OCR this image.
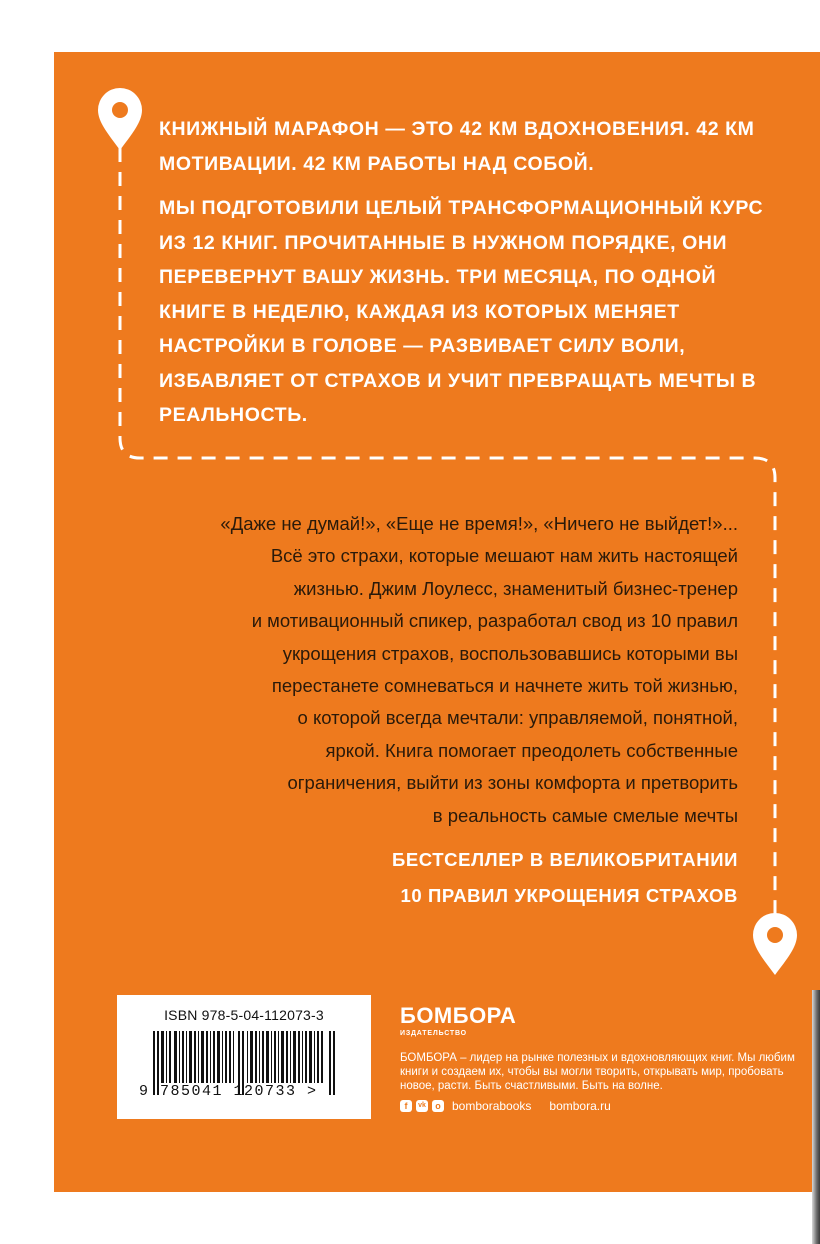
КНИЖНЫЙ МАРАФОН — ЭТО 42 КМ ВДОХНОВЕНИЯ. 42 КМ МОТИВАЦИИ. 42 КМ РАБОТЫ НАД СОБОЙ.

МЫ ПОДГОТОВИЛИ ЦЕЛЫЙ ТРАНСФОРМАЦИОННЫЙ КУРС ИЗ 12 КНИГ. ПРОЧИТАННЫЕ В НУЖНОМ ПОРЯДКЕ, ОНИ ПЕРЕВЕРНУТ ВАШУ ЖИЗНЬ. ТРИ МЕСЯЦА, ПО ОДНОЙ КНИГЕ В НЕДЕЛЮ, КАЖДАЯ ИЗ КОТОРЫХ МЕНЯЕТ НАСТРОЙКИ В ГОЛОВЕ — РАЗВИВАЕТ СИЛУ ВОЛИ, ИЗБАВЛЯЕТ ОТ СТРАХОВ И УЧИТ ПРЕВРАЩАТЬ МЕЧТЫ В РЕАЛЬНОСТЬ.

«Даже не думай!», «Еще не время!», «Ничего не выйдет!»...
Всё это страхи, которые мешают нам жить настоящей
жизнью. Джим Лоулесс, знаменитый бизнес-тренер
и мотивационный спикер, разработал свод из 10 правил
укрощения страхов, воспользовавшись которыми вы
перестанете сомневаться и начнете жить той жизнью,
о которой всегда мечтали: управляемой, понятной,
яркой. Книга помогает преодолеть собственные
ограничения, выйти из зоны комфорта и претворить
в реальность самые смелые мечты
БЕСТСЕЛЛЕР В ВЕЛИКОБРИТАНИИ
10 ПРАВИЛ УКРОЩЕНИЯ СТРАХОВ
ISBN 978-5-04-112073-3
9 785041 120733 >
БОМБОРА
ИЗДАТЕЛЬСТВО
БОМБОРА – лидер на рынке полезных и вдохновляющих книг. Мы любим книги и создаем их, чтобы вы могли творить, открывать мир, пробовать новое, расти. Быть счастливыми. Быть на волне.
f	vk	o bomborabooks bombora.ru
